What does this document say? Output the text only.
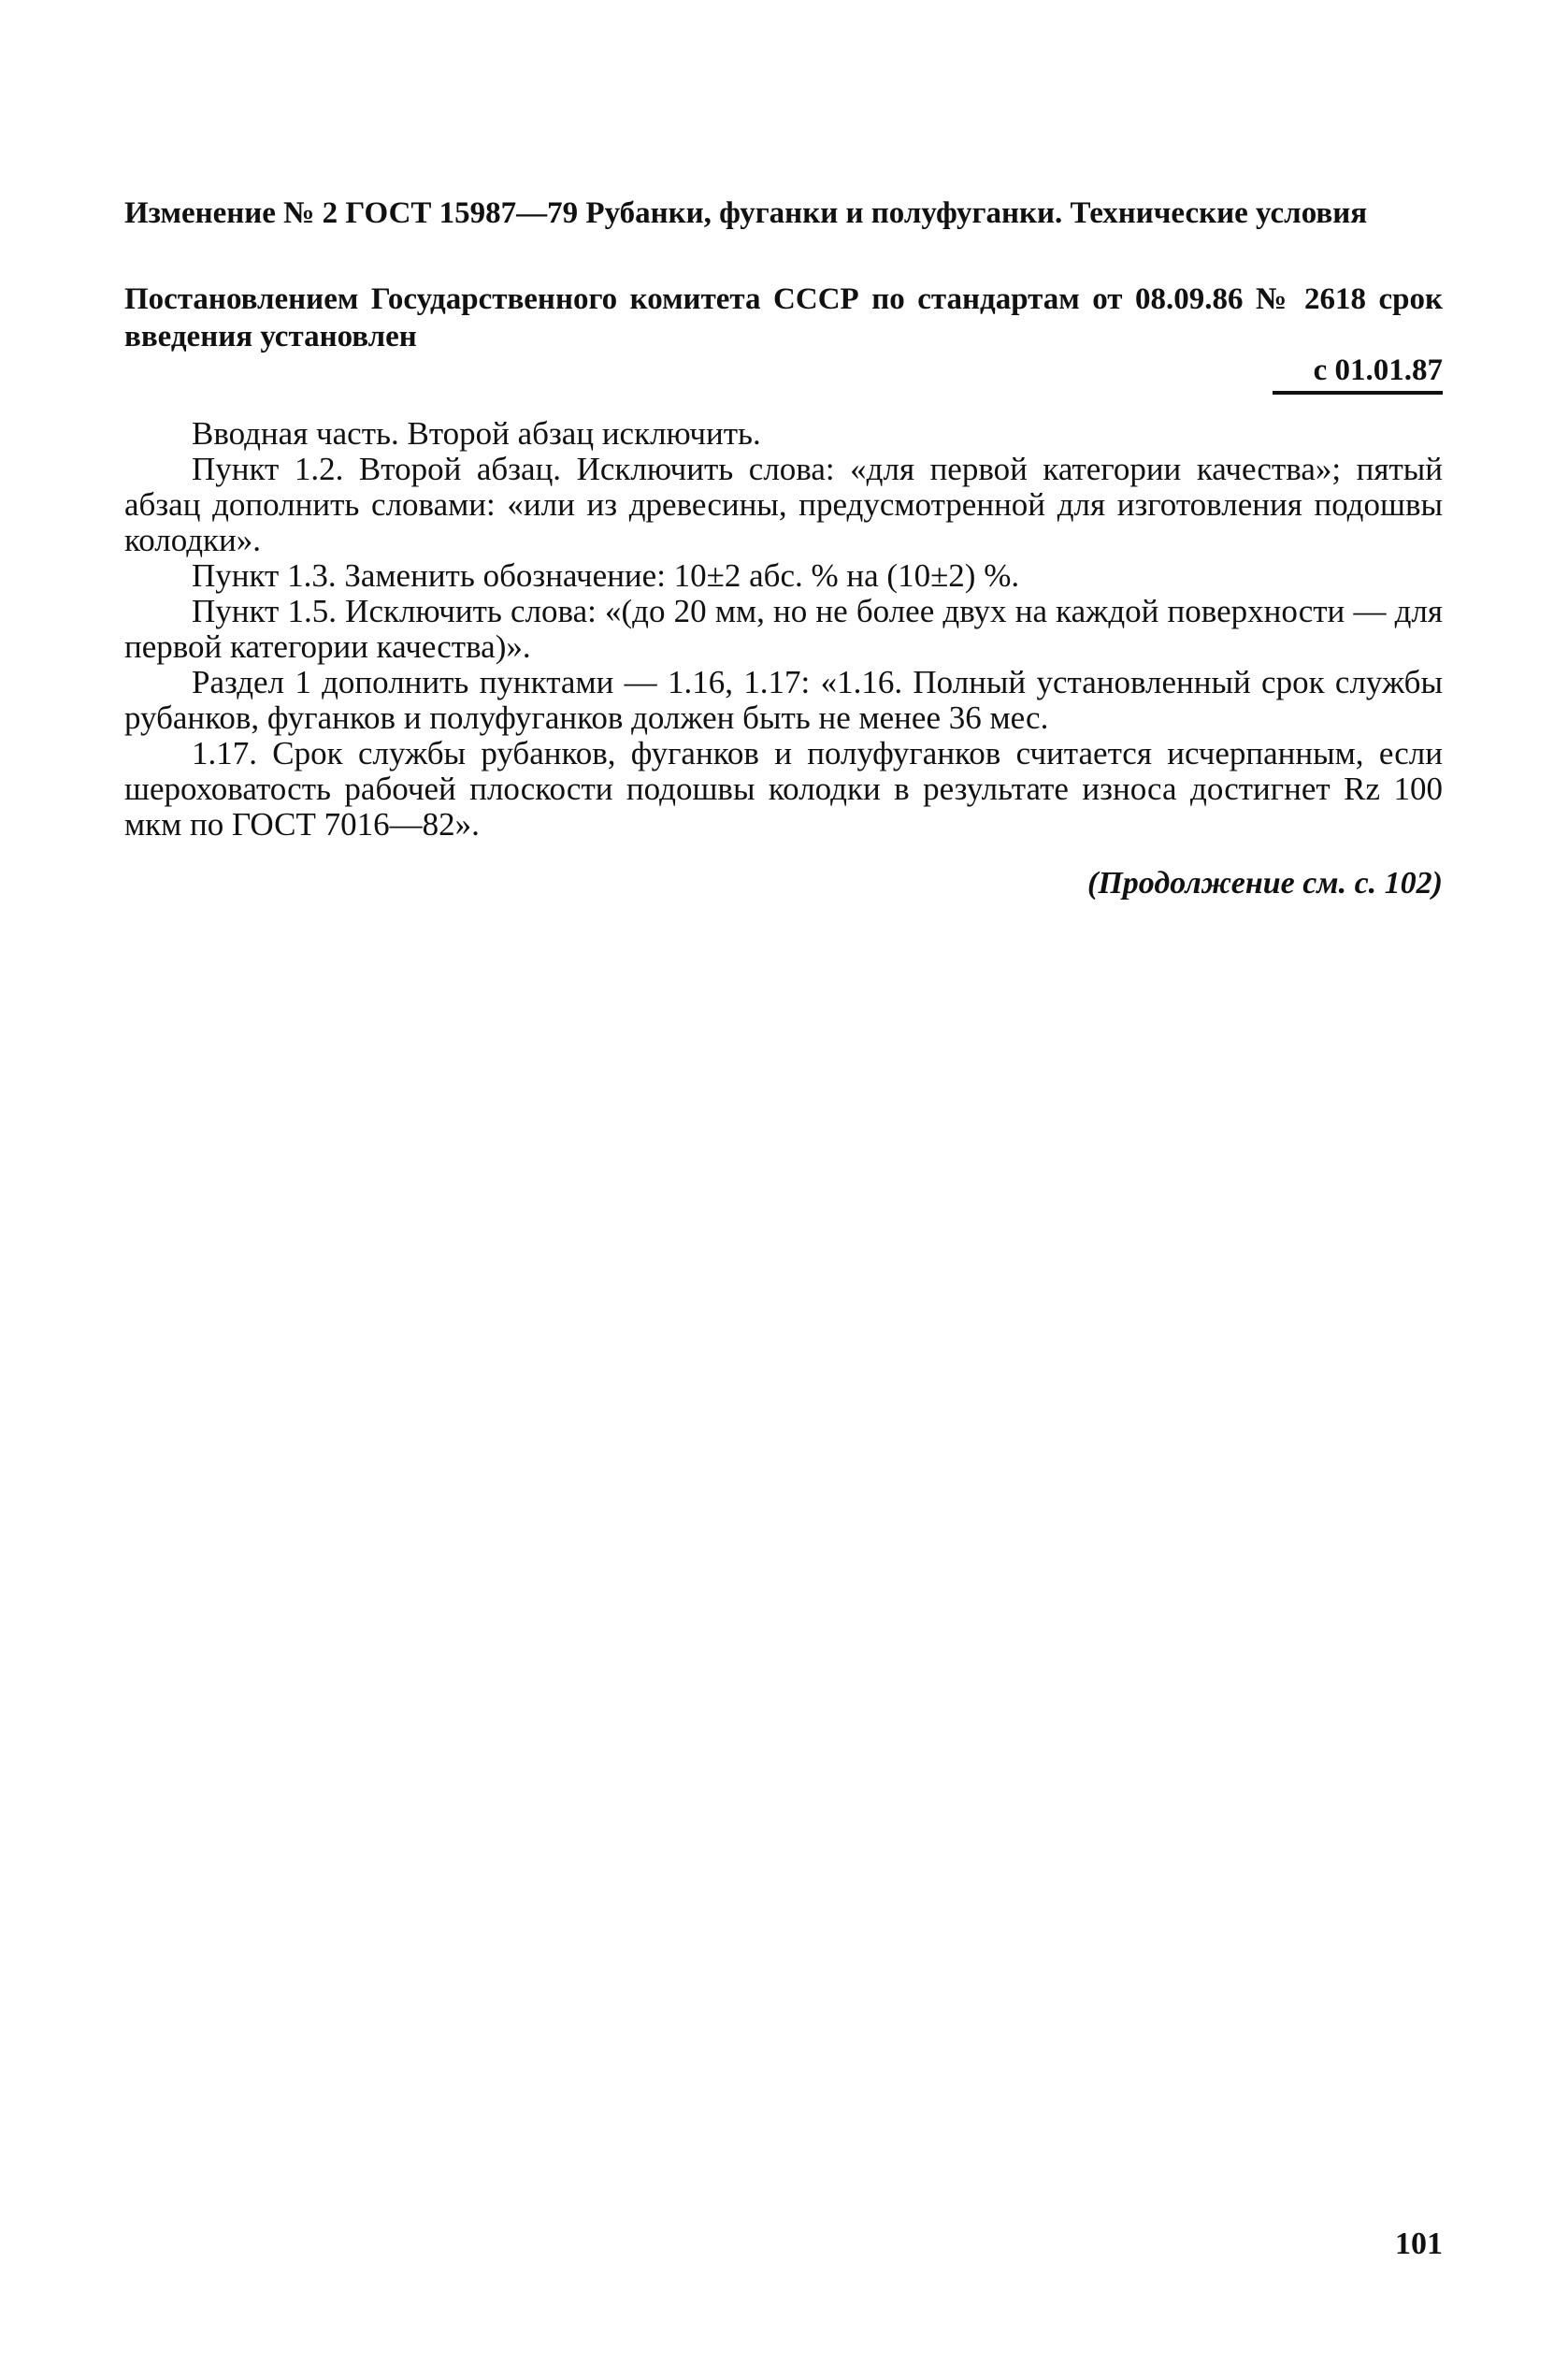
Изменение № 2 ГОСТ 15987—79 Рубанки, фуганки и полуфуганки. Технические условия

Постановлением Государственного комитета СССР по стандартам от 08.09.86 № 2618 срок введения установлен

с 01.01.87

Вводная часть. Второй абзац исключить.

Пункт 1.2. Второй абзац. Исключить слова: «для первой категории качества»; пятый абзац дополнить словами: «или из древесины, предусмотренной для изготовления подошвы колодки».

Пункт 1.3. Заменить обозначение: 10±2 абс. % на (10±2) %.

Пункт 1.5. Исключить слова: «(до 20 мм, но не более двух на каждой поверхности — для первой категории качества)».

Раздел 1 дополнить пунктами — 1.16, 1.17: «1.16. Полный установленный срок службы рубанков, фуганков и полуфуганков должен быть не менее 36 мес.

1.17. Срок службы рубанков, фуганков и полуфуганков считается исчерпанным, если шероховатость рабочей плоскости подошвы колодки в результате износа достигнет Rz 100 мкм по ГОСТ 7016—82».

(Продолжение см. с. 102)
101
